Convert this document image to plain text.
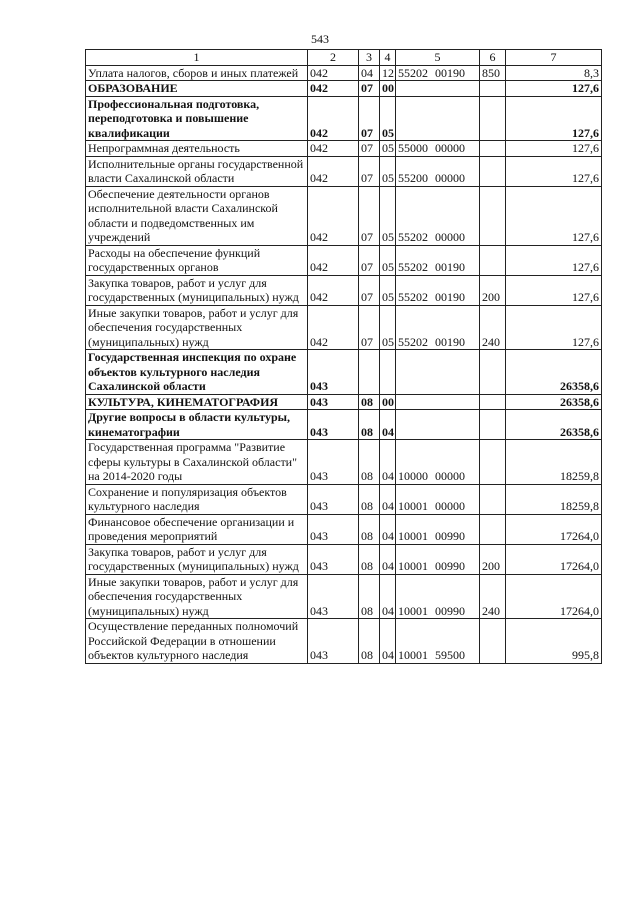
543
1	2	3	4	5	6	7
Уплата налогов, сборов и иных платежей	042	04	12	55202 00190	850	8,3
ОБРАЗОВАНИЕ	042	07	00			127,6
Профессиональная подготовка, переподготовка и повышение квалификации	042	07	05			127,6
Непрограммная деятельность	042	07	05	55000 00000		127,6
Исполнительные органы государственной власти Сахалинской области	042	07	05	55200 00000		127,6
Обеспечение деятельности органов исполнительной власти Сахалинской области и подведомственных им учреждений	042	07	05	55202 00000		127,6
Расходы на обеспечение функций государственных органов	042	07	05	55202 00190		127,6
Закупка товаров, работ и услуг для государственных (муниципальных) нужд	042	07	05	55202 00190	200	127,6
Иные закупки товаров, работ и услуг для обеспечения государственных (муниципальных) нужд	042	07	05	55202 00190	240	127,6
Государственная инспекция по охране объектов культурного наследия Сахалинской области	043					26358,6
КУЛЬТУРА, КИНЕМАТОГРАФИЯ	043	08	00			26358,6
Другие вопросы в области культуры, кинематографии	043	08	04			26358,6
Государственная программа "Развитие сферы культуры в Сахалинской области" на 2014-2020 годы	043	08	04	10000 00000		18259,8
Сохранение и популяризация объектов культурного наследия	043	08	04	10001 00000		18259,8
Финансовое обеспечение организации и проведения мероприятий	043	08	04	10001 00990		17264,0
Закупка товаров, работ и услуг для государственных (муниципальных) нужд	043	08	04	10001 00990	200	17264,0
Иные закупки товаров, работ и услуг для обеспечения государственных (муниципальных) нужд	043	08	04	10001 00990	240	17264,0
Осуществление переданных полномочий Российской Федерации в отношении объектов культурного наследия	043	08	04	10001 59500		995,8
